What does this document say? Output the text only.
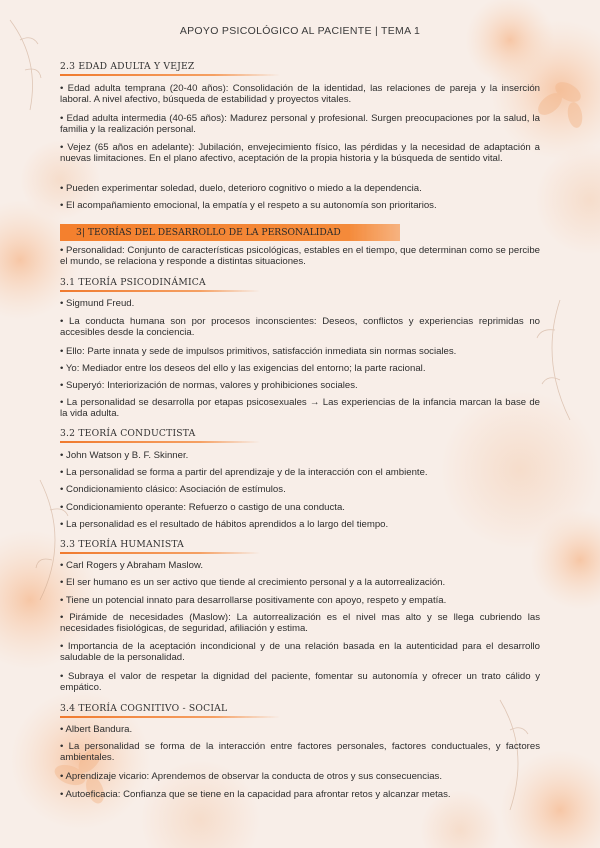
APOYO PSICOLÓGICO AL PACIENTE | TEMA 1
2.3 EDAD ADULTA Y VEJEZ
• Edad adulta temprana (20-40 años): Consolidación de la identidad, las relaciones de pareja y la inserción laboral. A nivel afectivo, búsqueda de estabilidad y proyectos vitales.
• Edad adulta intermedia (40-65 años): Madurez personal y profesional. Surgen preocupaciones por la salud, la familia y la realización personal.
• Vejez (65 años en adelante): Jubilación, envejecimiento físico, las pérdidas y la necesidad de adaptación a nuevas limitaciones. En el plano afectivo, aceptación de la propia historia y la búsqueda de sentido vital.
• Pueden experimentar soledad, duelo, deterioro cognitivo o miedo a la dependencia.
• El acompañamiento emocional, la empatía y el respeto a su autonomía son prioritarios.
3| TEORÍAS DEL DESARROLLO DE LA PERSONALIDAD
• Personalidad: Conjunto de características psicológicas, estables en el tiempo, que determinan como se percibe el mundo, se relaciona y responde a distintas situaciones.
3.1 TEORÍA PSICODINÁMICA
• Sigmund Freud.
• La conducta humana son por procesos inconscientes: Deseos, conflictos y experiencias reprimidas no accesibles desde la conciencia.
• Ello: Parte innata y sede de impulsos primitivos, satisfacción inmediata sin normas sociales.
• Yo: Mediador entre los deseos del ello y las exigencias del entorno; la parte racional.
• Superyó: Interiorización de normas, valores y prohibiciones sociales.
• La personalidad se desarrolla por etapas psicosexuales → Las experiencias de la infancia marcan la base de la vida adulta.
3.2 TEORÍA CONDUCTISTA
• John Watson y B. F. Skinner.
• La personalidad se forma a partir del aprendizaje y de la interacción con el ambiente.
• Condicionamiento clásico: Asociación de estímulos.
• Condicionamiento operante: Refuerzo o castigo de una conducta.
• La personalidad es el resultado de hábitos aprendidos a lo largo del tiempo.
3.3 TEORÍA HUMANISTA
• Carl Rogers y Abraham Maslow.
• El ser humano es un ser activo que tiende al crecimiento personal y a la autorrealización.
• Tiene un potencial innato para desarrollarse positivamente con apoyo, respeto y empatía.
• Pirámide de necesidades (Maslow): La autorrealización es el nivel mas alto y se llega cubriendo las necesidades fisiológicas, de seguridad, afiliación y estima.
• Importancia de la aceptación incondicional y de una relación basada en la autenticidad para el desarrollo saludable de la personalidad.
• Subraya el valor de respetar la dignidad del paciente, fomentar su autonomía y ofrecer un trato cálido y empático.
3.4 TEORÍA COGNITIVO - SOCIAL
• Albert Bandura.
• La personalidad se forma de la interacción entre factores personales, factores conductuales, y factores ambientales.
• Aprendizaje vicario: Aprendemos de observar la conducta de otros y sus consecuencias.
• Autoeficacia: Confianza que se tiene en la capacidad para afrontar retos y alcanzar metas.
